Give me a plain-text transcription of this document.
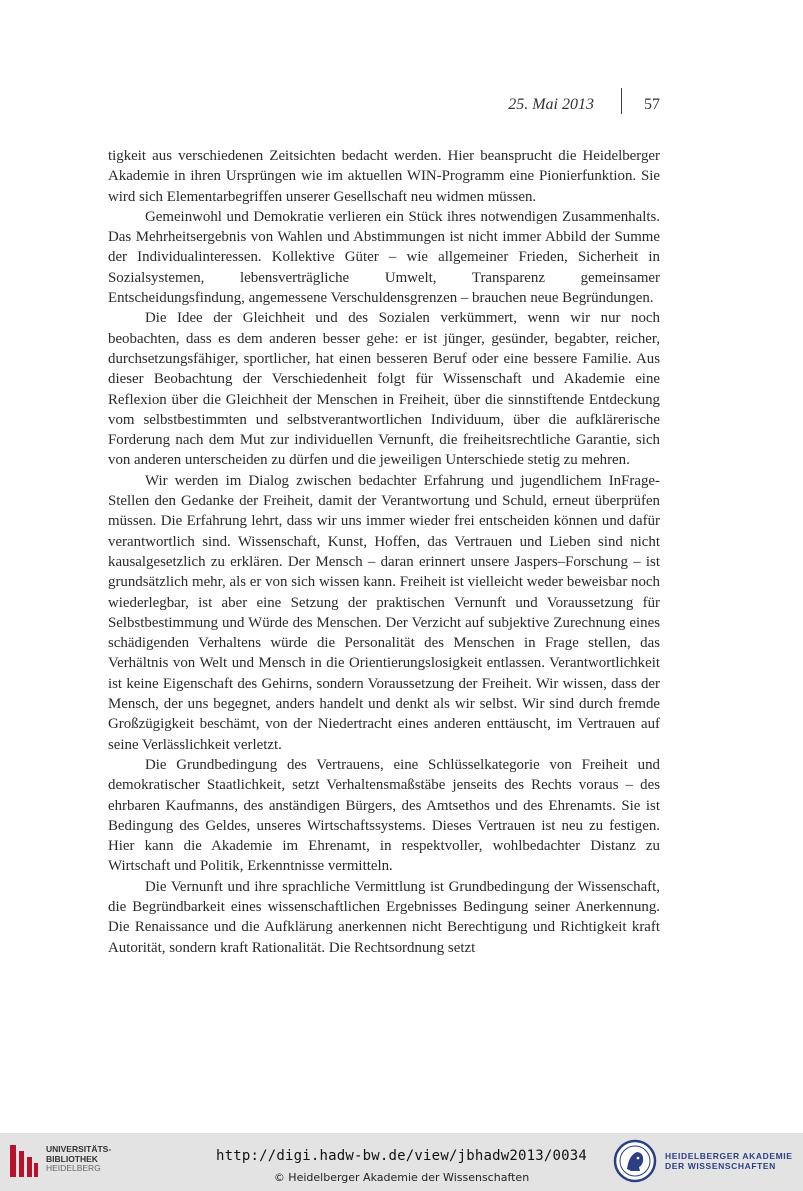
25. Mai 2013	57

tigkeit aus verschiedenen Zeitsichten bedacht werden. Hier beansprucht die Heidelberger Akademie in ihren Ursprüngen wie im aktuellen WIN-Programm eine Pionierfunktion. Sie wird sich Elementarbegriffen unserer Gesellschaft neu widmen müssen.

Gemeinwohl und Demokratie verlieren ein Stück ihres notwendigen Zusammenhalts. Das Mehrheitsergebnis von Wahlen und Abstimmungen ist nicht immer Abbild der Summe der Individualinteressen. Kollektive Güter – wie allgemeiner Frieden, Sicherheit in Sozialsystemen, lebensverträgliche Umwelt, Transparenz gemeinsamer Entscheidungsfindung, angemessene Verschuldensgrenzen – brauchen neue Begründungen.

Die Idee der Gleichheit und des Sozialen verkümmert, wenn wir nur noch beobachten, dass es dem anderen besser gehe: er ist jünger, gesünder, begabter, reicher, durchsetzungsfähiger, sportlicher, hat einen besseren Beruf oder eine bessere Familie. Aus dieser Beobachtung der Verschiedenheit folgt für Wissenschaft und Akademie eine Reflexion über die Gleichheit der Menschen in Freiheit, über die sinnstiftende Entdeckung vom selbstbestimmten und selbstverantwortlichen Individuum, über die aufklärerische Forderung nach dem Mut zur individuellen Vernunft, die freiheitsrechtliche Garantie, sich von anderen unterscheiden zu dürfen und die jeweiligen Unterschiede stetig zu mehren.

Wir werden im Dialog zwischen bedachter Erfahrung und jugendlichem InFrage-Stellen den Gedanke der Freiheit, damit der Verantwortung und Schuld, erneut überprüfen müssen. Die Erfahrung lehrt, dass wir uns immer wieder frei entscheiden können und dafür verantwortlich sind. Wissenschaft, Kunst, Hoffen, das Vertrauen und Lieben sind nicht kausalgesetzlich zu erklären. Der Mensch – daran erinnert unsere Jaspers–Forschung – ist grundsätzlich mehr, als er von sich wissen kann. Freiheit ist vielleicht weder beweisbar noch wiederlegbar, ist aber eine Setzung der praktischen Vernunft und Voraussetzung für Selbstbestimmung und Würde des Menschen. Der Verzicht auf subjektive Zurechnung eines schädigenden Verhaltens würde die Personalität des Menschen in Frage stellen, das Verhältnis von Welt und Mensch in die Orientierungslosigkeit entlassen. Verantwortlichkeit ist keine Eigenschaft des Gehirns, sondern Voraussetzung der Freiheit. Wir wissen, dass der Mensch, der uns begegnet, anders handelt und denkt als wir selbst. Wir sind durch fremde Großzügigkeit beschämt, von der Niedertracht eines anderen enttäuscht, im Vertrauen auf seine Verlässlichkeit verletzt.

Die Grundbedingung des Vertrauens, eine Schlüsselkategorie von Freiheit und demokratischer Staatlichkeit, setzt Verhaltensmaßstäbe jenseits des Rechts voraus – des ehrbaren Kaufmanns, des anständigen Bürgers, des Amtsethos und des Ehrenamts. Sie ist Bedingung des Geldes, unseres Wirtschaftssystems. Dieses Vertrauen ist neu zu festigen. Hier kann die Akademie im Ehrenamt, in respektvoller, wohlbedachter Distanz zu Wirtschaft und Politik, Erkenntnisse vermitteln.

Die Vernunft und ihre sprachliche Vermittlung ist Grundbedingung der Wissenschaft, die Begründbarkeit eines wissenschaftlichen Ergebnisses Bedingung seiner Anerkennung. Die Renaissance und die Aufklärung anerkennen nicht Berechtigung und Richtigkeit kraft Autorität, sondern kraft Rationalität. Die Rechtsordnung setzt

UNIVERSITÄTS-
BIBLIOTHEK
HEIDELBERG
http://digi.hadw-bw.de/view/jbhadw2013/0034
© Heidelberger Akademie der Wissenschaften
HEIDELBERGER AKADEMIE
DER WISSENSCHAFTEN
